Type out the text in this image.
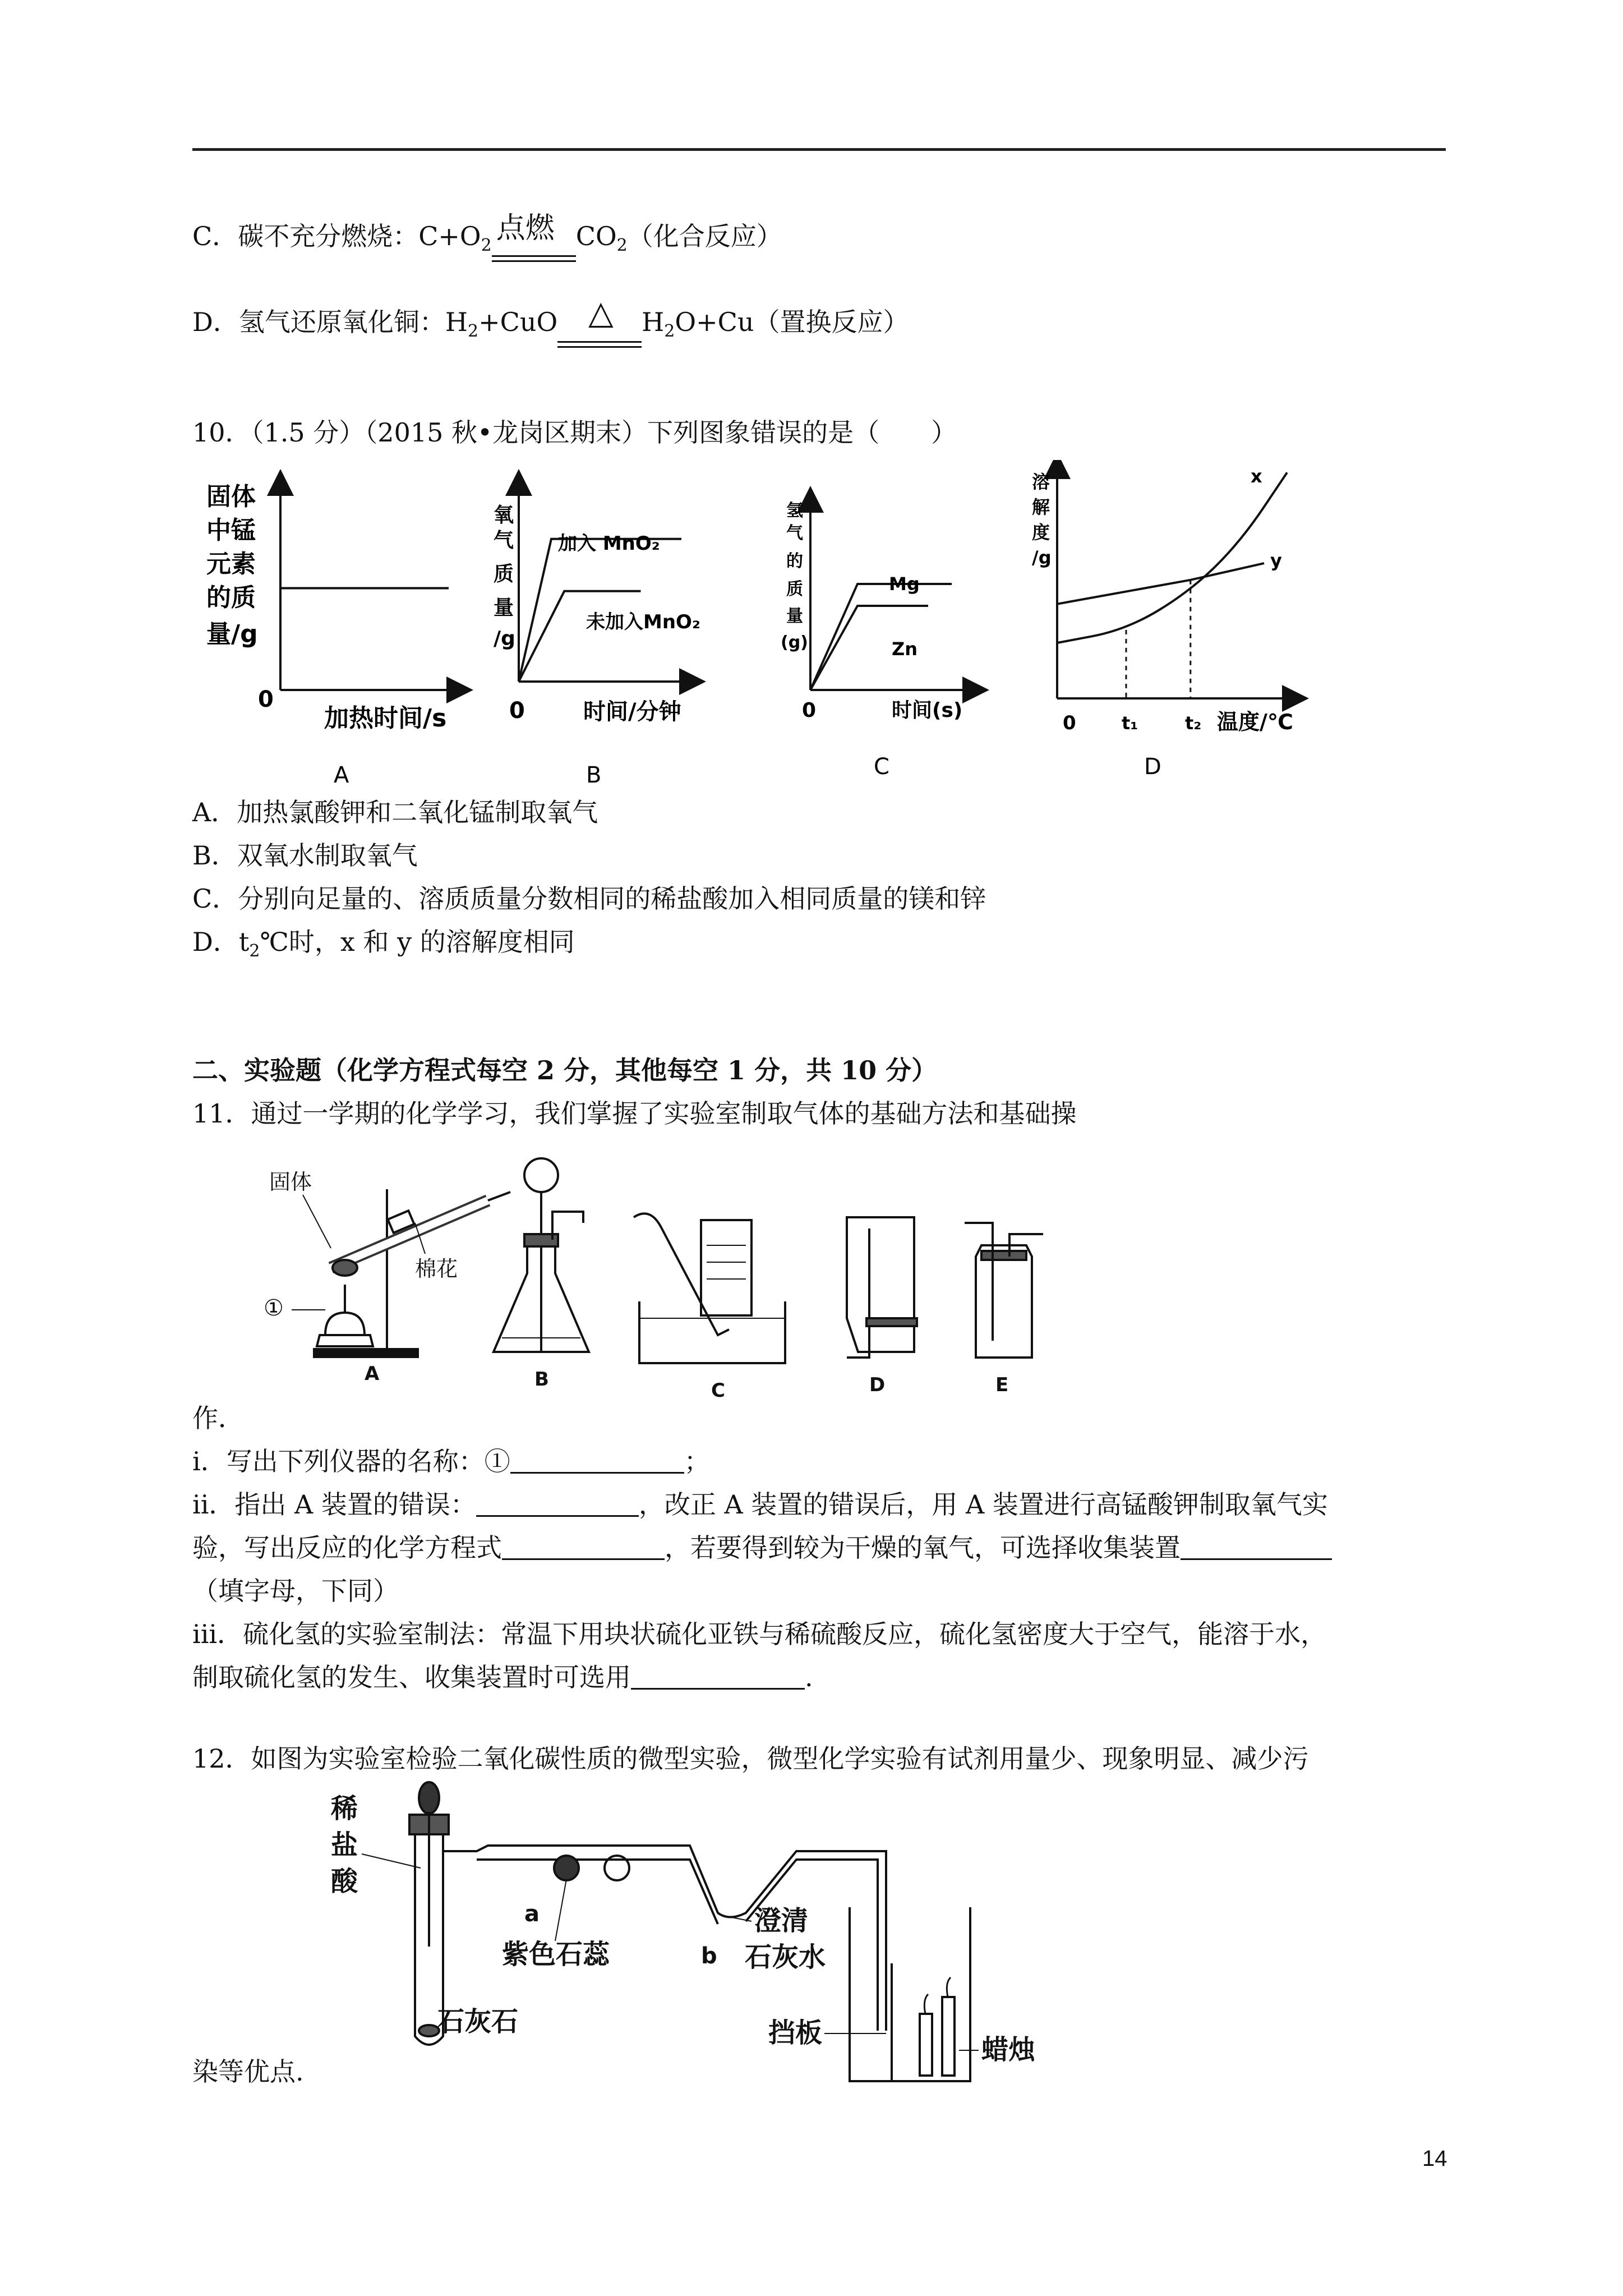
C．碳不充分燃烧：$C+O_2$
点燃 $CO_2$（化合反应）
D．氢气还原氧化铜：$H_2+CuO$ △ $H_2O+Cu$（置换反应）
10．（1.5 分）（2015 秋•龙岗区期末）下列图象错误的是（　　）
固体
中锰
元素
的质
量/g
0
加热时间/s
A
氧
气
质
量
/g
加入 MnO₂
未加入MnO₂
0	时间/分钟
B
氢
气
的
质
量
(g)
Mg
Zn
0	时间(s)
C
溶
解
度
/g
x
y
0	t₁	t₂ 温度/℃
D
A．加热氯酸钾和二氧化锰制取氧气
B．双氧水制取氧气
C．分别向足量的、溶质质量分数相同的稀盐酸加入相同质量的镁和锌
D．$t_2℃$时，x 和 y 的溶解度相同
二、实验题（化学方程式每空 2 分，其他每空 1 分，共 10 分）
11．通过一学期的化学学习，我们掌握了实验室制取气体的基础方法和基础操
固体
棉花
①
A	B	C	D	E
作．
i．写出下列仪器的名称：①	；
ii．指出 A 装置的错误：	，改正 A 装置的错误后，用 A 装置进行高锰酸钾制取氧气实
验，写出反应的化学方程式	，若要得到较为干燥的氧气，可选择收集装置
（填字母，下同）
iii．硫化氢的实验室制法：常温下用块状硫化亚铁与稀硫酸反应，硫化氢密度大于空气，能溶于水，
制取硫化氢的发生、收集装置时可选用	.
12．如图为实验室检验二氧化碳性质的微型实验，微型化学实验有试剂用量少、现象明显、减少污
稀
盐
酸
石灰石
a
紫色石蕊	b
澄清
石灰水
挡板
蜡烛
染等优点.
14
